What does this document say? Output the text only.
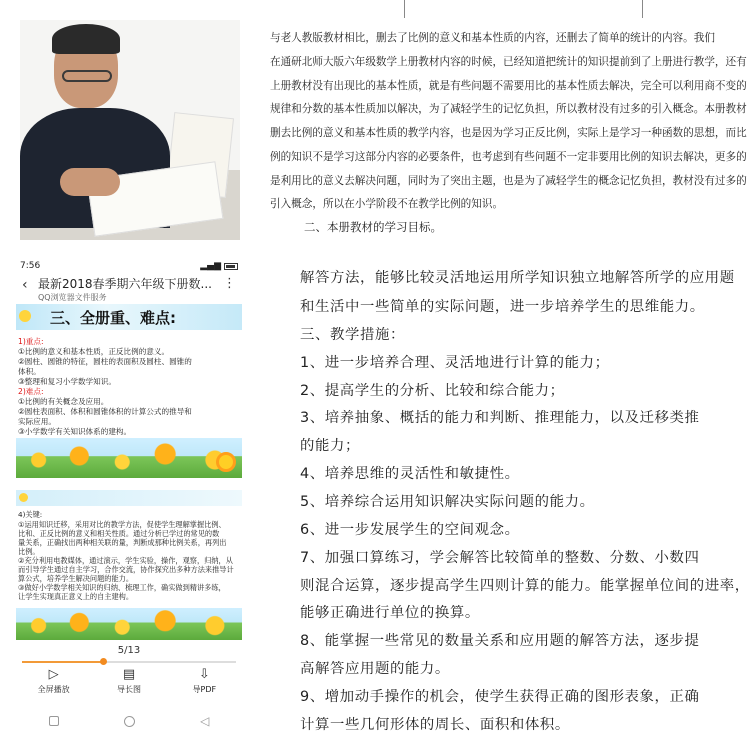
与老人教版教材相比，删去了比例的意义和基本性质的内容，还删去了简单的统计的内容。我们

在通研北师大版六年级数学上册教材内容的时候，已经知道把统计的知识提前到了上册进行教学，还有

上册教材没有出现比的基本性质，就是有些问题不需要用比的基本性质去解决，完全可以利用商不变的

规律和分数的基本性质加以解决，为了减轻学生的记忆负担，所以教材没有过多的引入概念。本册教材

删去比例的意义和基本性质的教学内容，也是因为学习正反比例，实际上是学习一种函数的思想，而比

例的知识不是学习这部分内容的必要条件，也考虑到有些问题不一定非要用比例的知识去解决，更多的

是利用比的意义去解决问题，同时为了突出主题，也是为了减轻学生的概念记忆负担，教材没有过多的

引入概念，所以在小学阶段不在教学比例的知识。

二、本册教材的学习目标。

7:56	▂▄▆
‹ 最新2018春季期六年级下册数...
QQ浏览器文件服务
⋮
三、全册重、难点:
1)重点:
①比例的意义和基本性质，正反比例的意义。
②圆柱、圆锥的特征，圆柱的表面积及圆柱、圆锥的
体积。
③整理和复习小学数学知识。
2)难点:
①比例的有关概念及应用。
②圆柱表面积、体积和圆锥体积的计算公式的推导和
实际应用。
③小学数学有关知识体系的建构。
4)关键:
①运用知识迁移，采用对比的教学方法，促使学生理解掌握比例、
比和、正反比例的意义和相关性质。通过分析已学过的常见的数
量关系，正确找出两种相关联的量，判断成那种比例关系，再列出
比例。
②充分利用电教媒体，通过演示，学生实验，操作，观察，归纳，从
而引导学生通过自主学习，合作交流，协作探究出多种方法来推导计
算公式，培养学生解决问题的能力。
③做好小学数学相关知识的归纳、梳理工作，确实做到精讲多练，
让学生实现真正意义上的自主建构。
5/13
▷
全屏播放
▤
导长图
⇩
导PDF
◁

解答方法，能够比较灵活地运用所学知识独立地解答所学的应用题

和生活中一些简单的实际问题，进一步培养学生的思维能力。

三、教学措施：

1、进一步培养合理、灵活地进行计算的能力；

2、提高学生的分析、比较和综合能力；

3、培养抽象、概括的能力和判断、推理能力，以及迁移类推

的能力；

4、培养思维的灵活性和敏捷性。

5、培养综合运用知识解决实际问题的能力。

6、进一步发展学生的空间观念。

7、加强口算练习，学会解答比较简单的整数、分数、小数四

则混合运算，逐步提高学生四则计算的能力。能掌握单位间的进率，

能够正确进行单位的换算。

8、能掌握一些常见的数量关系和应用题的解答方法，逐步提

高解答应用题的能力。

9、增加动手操作的机会，使学生获得正确的图形表象，正确

计算一些几何形体的周长、面积和体积。
